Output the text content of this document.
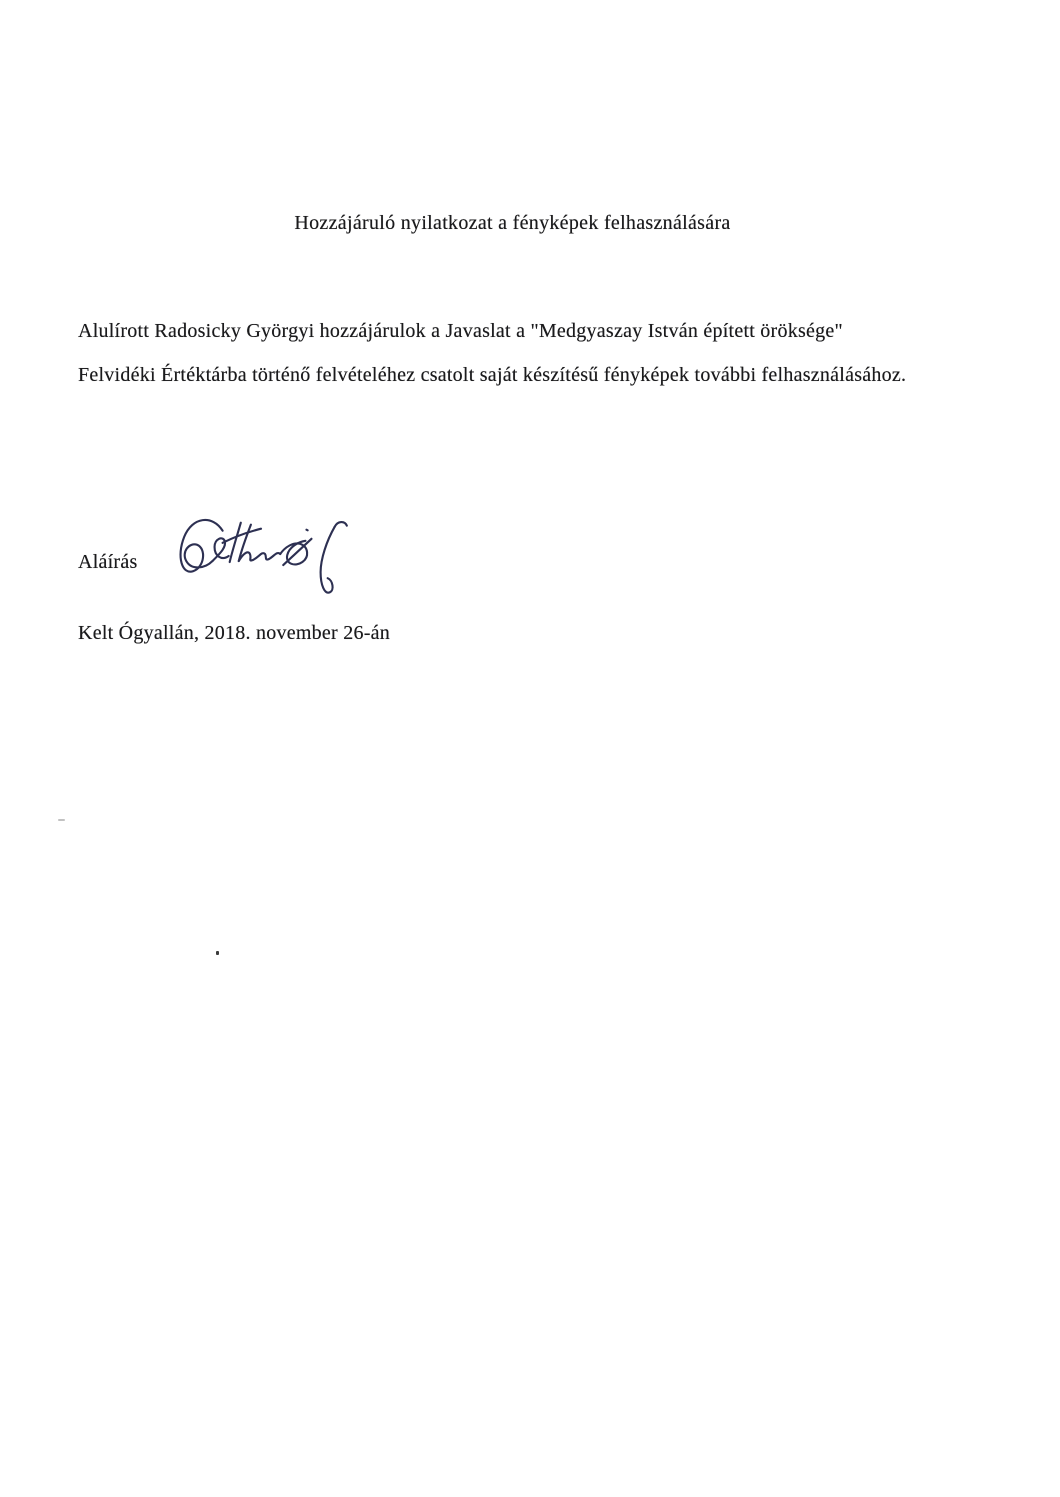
Hozzájáruló nyilatkozat a fényképek felhasználására
Alulírott Radosicky Györgyi hozzájárulok a Javaslat a "Medgyaszay István épített öröksége"
Felvidéki Értéktárba történő felvételéhez csatolt saját készítésű fényképek további felhasználásához.
Aláírás
Kelt Ógyallán, 2018. november 26-án
